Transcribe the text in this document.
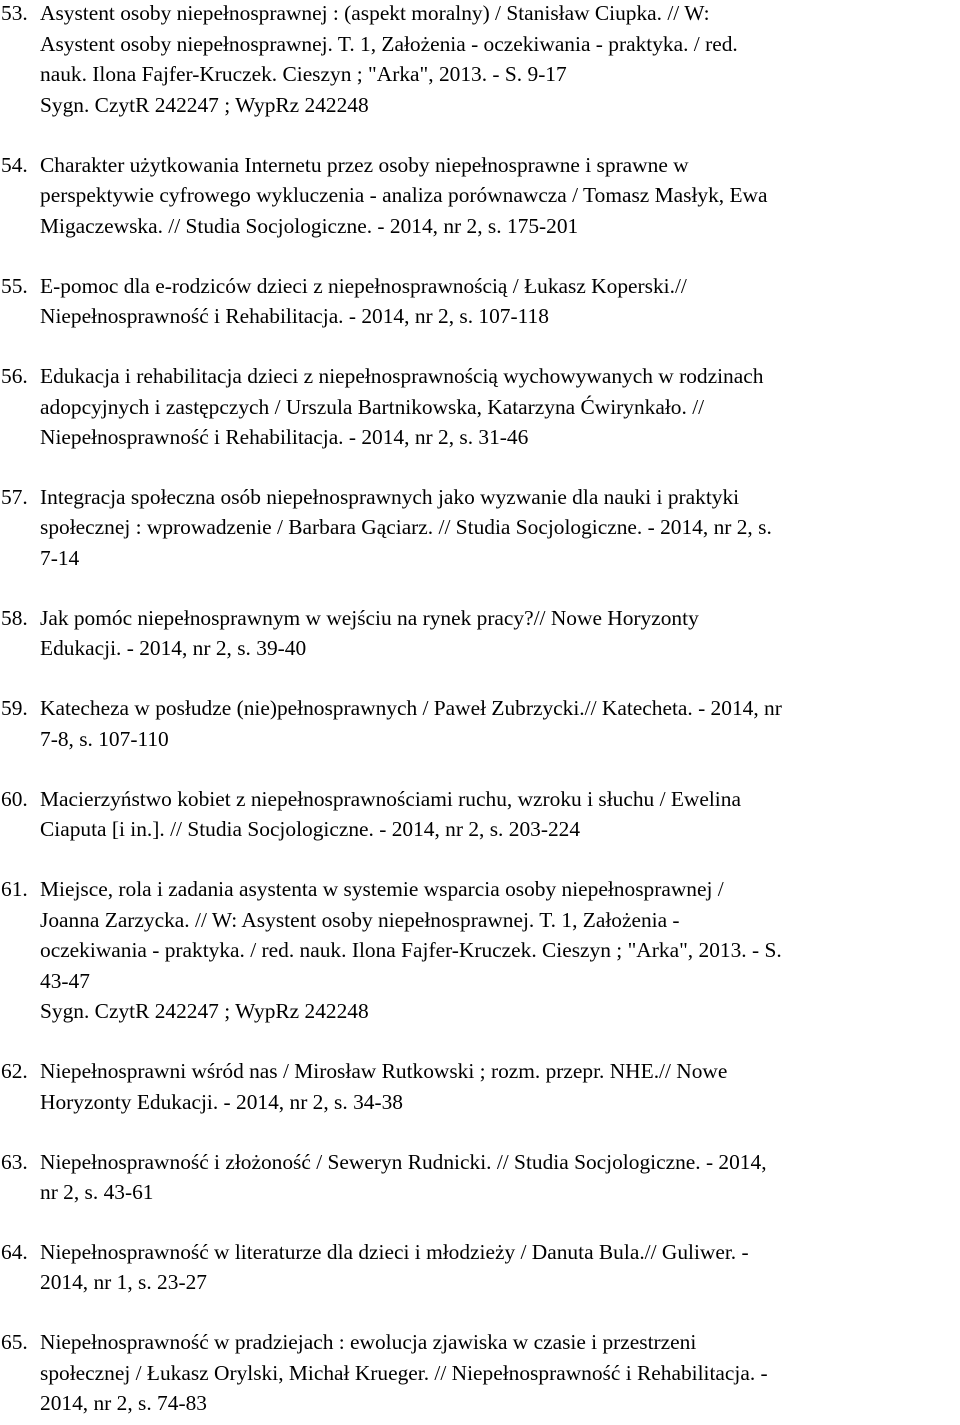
53. Asystent osoby niepełnosprawnej : (aspekt moralny) / Stanisław Ciupka. // W:
Asystent osoby niepełnosprawnej. T. 1, Założenia - oczekiwania - praktyka. / red.
nauk. Ilona Fajfer-Kruczek. Cieszyn ; "Arka", 2013. - S. 9-17
Sygn. CzytR 242247 ; WypRz 242248
54. Charakter użytkowania Internetu przez osoby niepełnosprawne i sprawne w
perspektywie cyfrowego wykluczenia - analiza porównawcza / Tomasz Masłyk, Ewa
Migaczewska. // Studia Socjologiczne. - 2014, nr 2, s. 175-201
55. E-pomoc dla e-rodziców dzieci z niepełnosprawnością / Łukasz Koperski.//
Niepełnosprawność i Rehabilitacja. - 2014, nr 2, s. 107-118
56. Edukacja i rehabilitacja dzieci z niepełnosprawnością wychowywanych w rodzinach
adopcyjnych i zastępczych / Urszula Bartnikowska, Katarzyna Ćwirynkało. //
Niepełnosprawność i Rehabilitacja. - 2014, nr 2, s. 31-46
57. Integracja społeczna osób niepełnosprawnych jako wyzwanie dla nauki i praktyki
społecznej : wprowadzenie / Barbara Gąciarz. // Studia Socjologiczne. - 2014, nr 2, s.
7-14
58. Jak pomóc niepełnosprawnym w wejściu na rynek pracy?// Nowe Horyzonty
Edukacji. - 2014, nr 2, s. 39-40
59. Katecheza w posłudze (nie)pełnosprawnych / Paweł Zubrzycki.// Katecheta. - 2014, nr
7-8, s. 107-110
60. Macierzyństwo kobiet z niepełnosprawnościami ruchu, wzroku i słuchu / Ewelina
Ciaputa [i in.]. // Studia Socjologiczne. - 2014, nr 2, s. 203-224
61. Miejsce, rola i zadania asystenta w systemie wsparcia osoby niepełnosprawnej /
Joanna Zarzycka. // W: Asystent osoby niepełnosprawnej. T. 1, Założenia -
oczekiwania - praktyka. / red. nauk. Ilona Fajfer-Kruczek. Cieszyn ; "Arka", 2013. - S.
43-47
Sygn. CzytR 242247 ; WypRz 242248
62. Niepełnosprawni wśród nas / Mirosław Rutkowski ; rozm. przepr. NHE.// Nowe
Horyzonty Edukacji. - 2014, nr 2, s. 34-38
63. Niepełnosprawność i złożoność / Seweryn Rudnicki. // Studia Socjologiczne. - 2014,
nr 2, s. 43-61
64. Niepełnosprawność w literaturze dla dzieci i młodzieży / Danuta Bula.// Guliwer. -
2014, nr 1, s. 23-27
65. Niepełnosprawność w pradziejach : ewolucja zjawiska w czasie i przestrzeni
społecznej / Łukasz Orylski, Michał Krueger. // Niepełnosprawność i Rehabilitacja. -
2014, nr 2, s. 74-83
